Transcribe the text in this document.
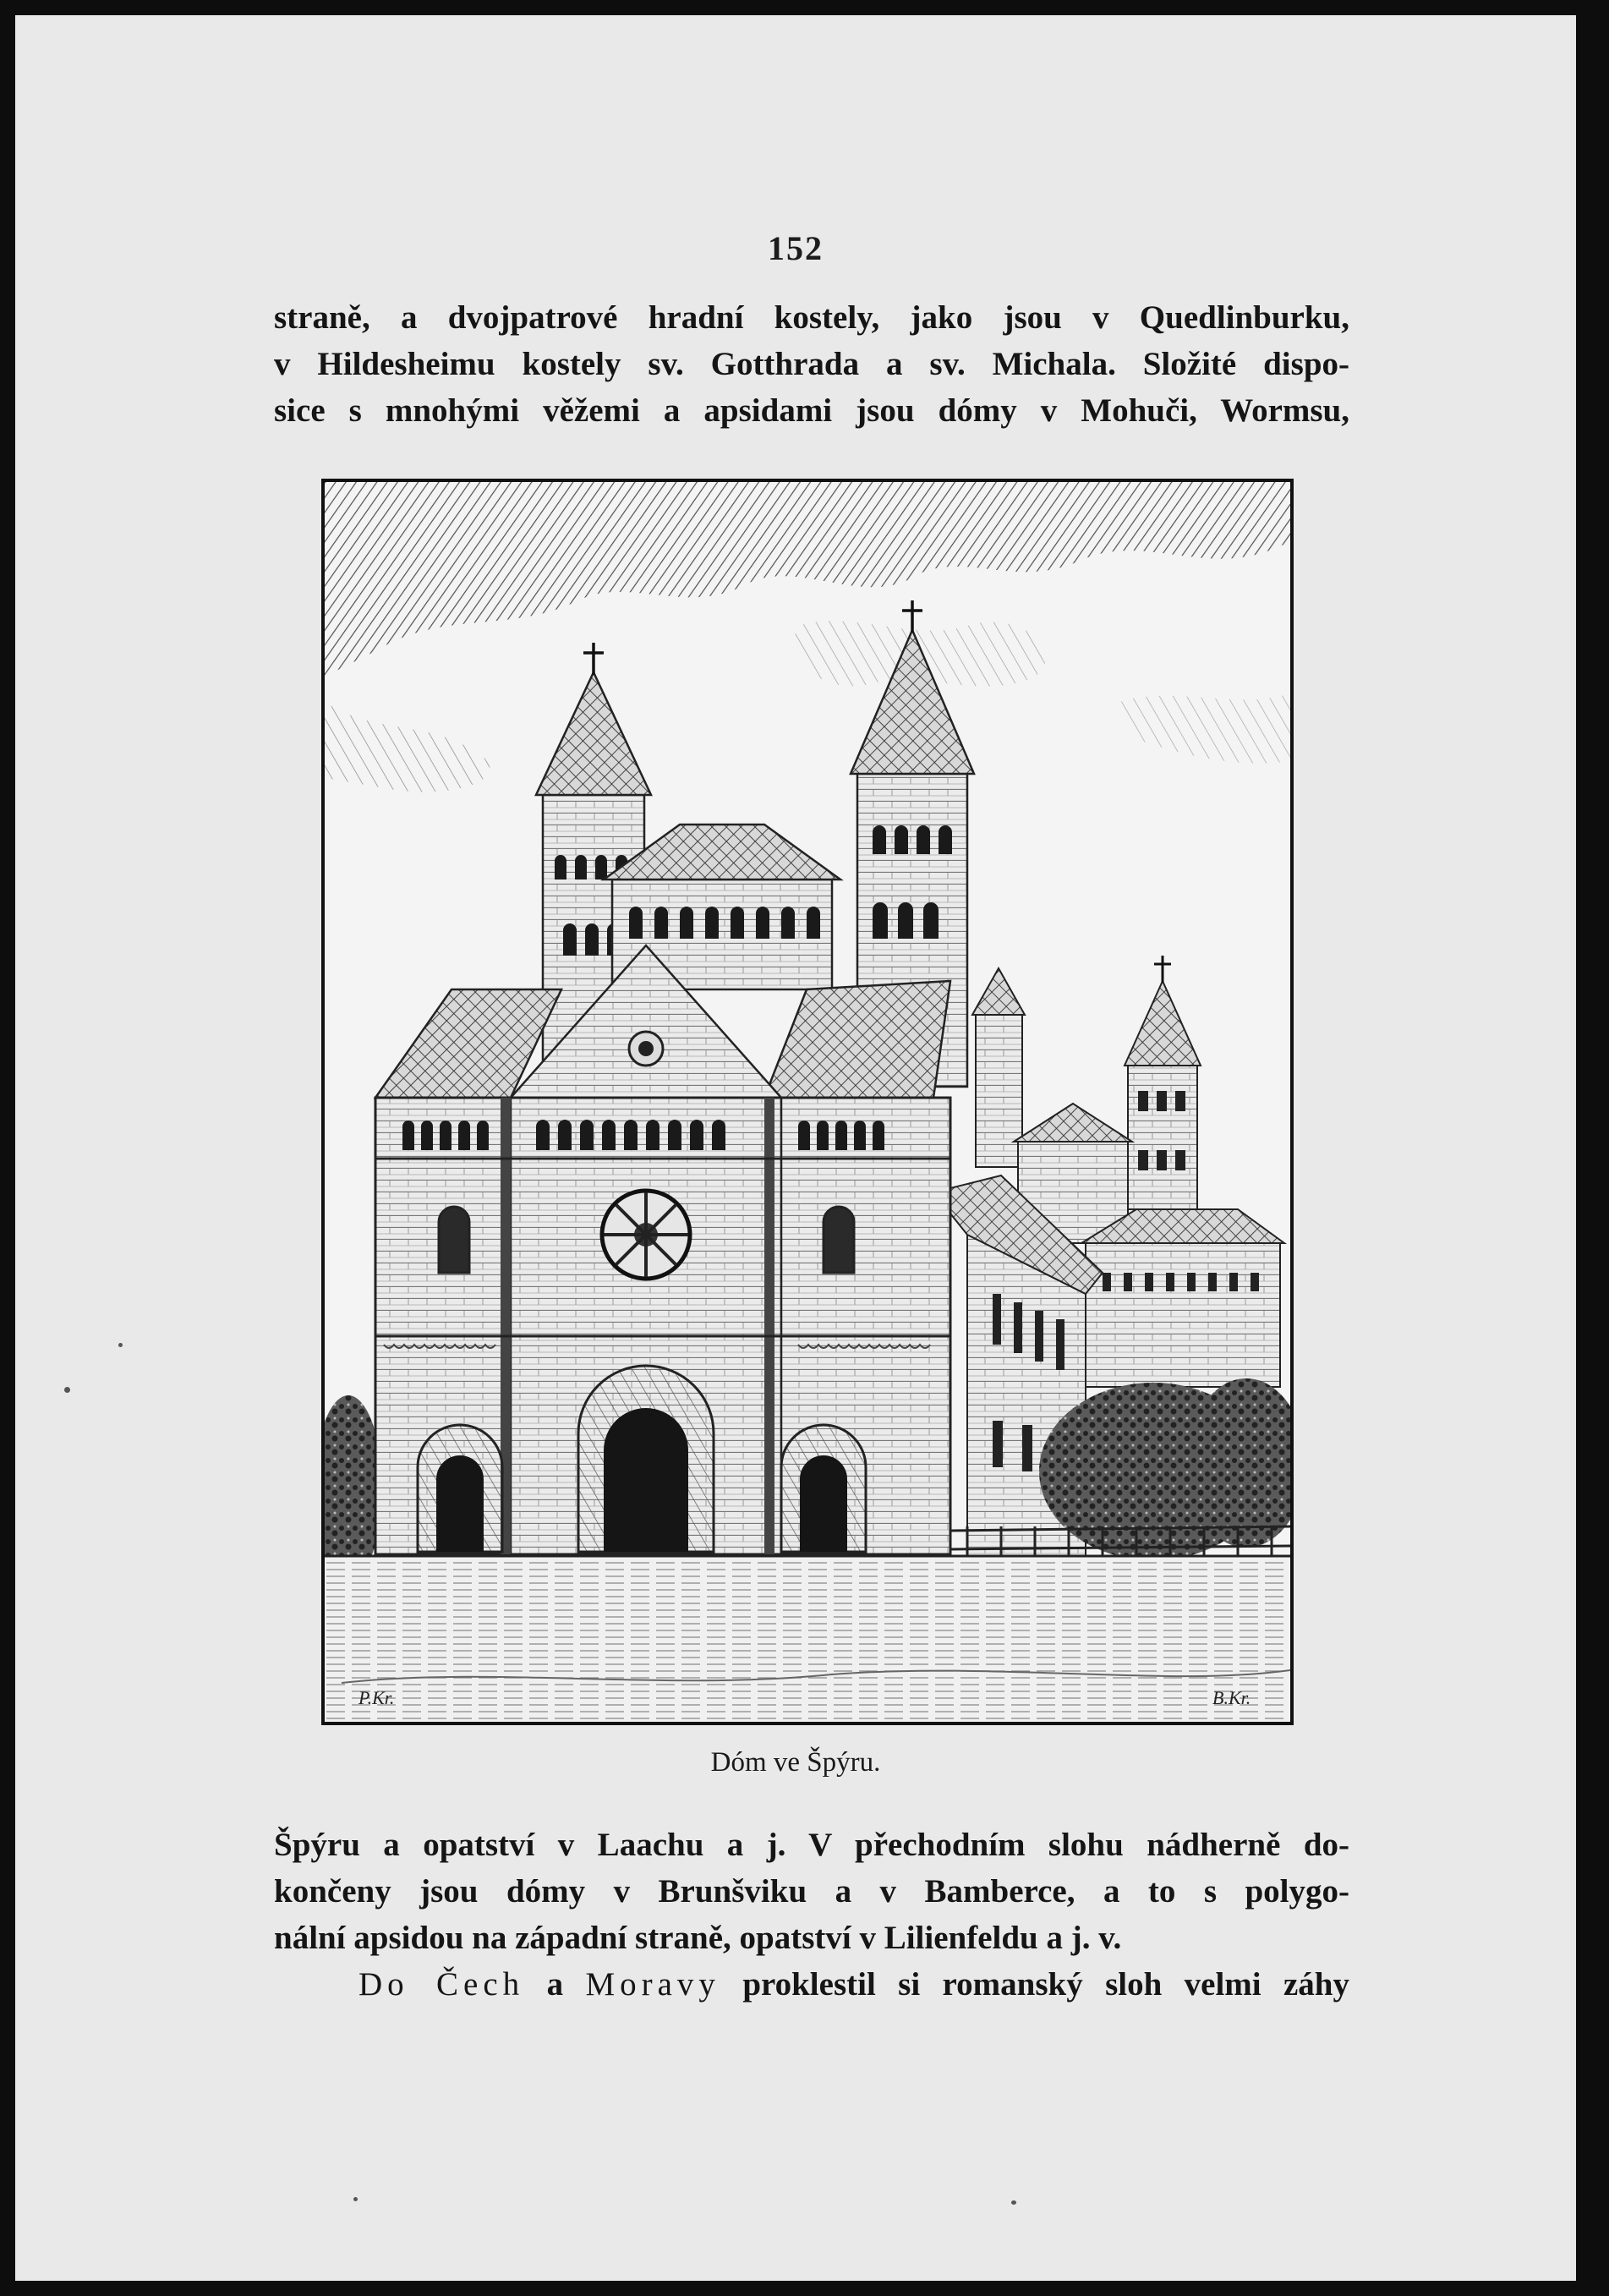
152
straně, a dvojpatrové hradní kostely, jako jsou v Quedlinburku,
v Hildesheimu kostely sv. Gotthrada a sv. Michala. Složité dispo-
sice s mnohými věžemi a apsidami jsou dómy v Mohuči, Wormsu,
P.Kr.	B.Kr.
Dóm ve Špýru.
Špýru a opatství v Laachu a j. V přechodním slohu nádherně do-
končeny jsou dómy v Brunšviku a v Bamberce, a to s polygo-
nální apsidou na západní straně, opatství v Lilienfeldu a j. v.
Do Čech a Moravy proklestil si romanský sloh velmi záhy
